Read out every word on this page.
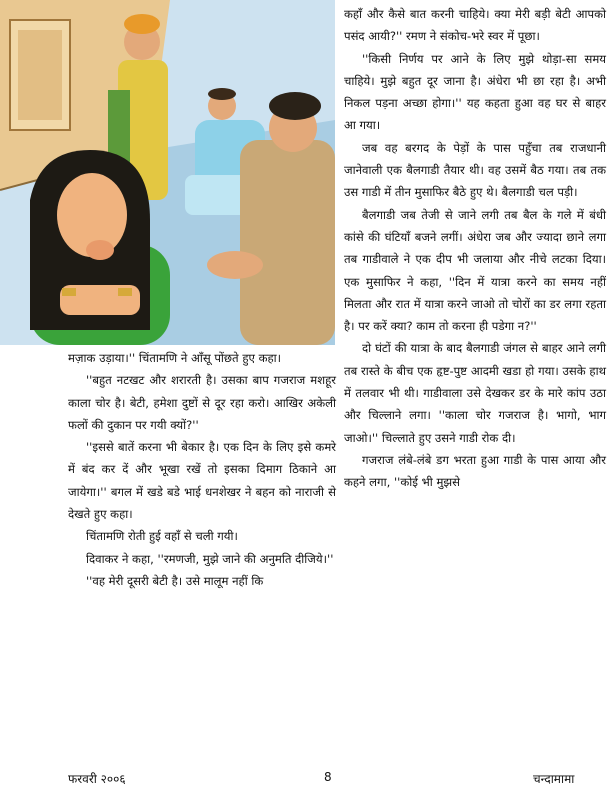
कहाँ और कैसे बात करनी चाहिये। क्या मेरी बड़ी बेटी आपको पसंद आयी?'' रमण ने संकोच-भरे स्वर में पूछा।

''किसी निर्णय पर आने के लिए मुझे थोड़ा-सा समय चाहिये। मुझे बहुत दूर जाना है। अंधेरा भी छा रहा है। अभी निकल पड़ना अच्छा होगा।'' यह कहता हुआ वह घर से बाहर आ गया।

जब वह बरगद के पेड़ों के पास पहुँचा तब राजधानी जानेवाली एक बैलगाडी तैयार थी। वह उसमें बैठ गया। तब तक उस गाडी में तीन मुसाफिर बैठे हुए थे। बैलगाडी चल पड़ी।

बैलगाडी जब तेजी से जाने लगी तब बैल के गले में बंधी कांसे की घंटियाँ बजने लगीं। अंधेरा जब और ज्यादा छाने लगा तब गाडीवाले ने एक दीप भी जलाया और नीचे लटका दिया। एक मुसाफिर ने कहा, ''दिन में यात्रा करने का समय नहीं मिलता और रात में यात्रा करने जाओ तो चोरों का डर लगा रहता है। पर करें क्या? काम तो करना ही पडेगा न?''

दो घंटों की यात्रा के बाद बैलगाडी जंगल से बाहर आने लगी तब रास्ते के बीच एक हृष्ट-पुष्ट आदमी खडा हो गया। उसके हाथ में तलवार भी थी। गाडीवाला उसे देखकर डर के मारे कांप उठा और चिल्लाने लगा। ''काला चोर गजराज है। भागो, भाग जाओ।'' चिल्लाते हुए उसने गाडी रोक दी।

गजराज लंबे-लंबे डग भरता हुआ गाडी के पास आया और कहने लगा, ''कोई भी मुझसे

मज़ाक उड़ाया।'' चिंतामणि ने आँसू पोंछते हुए कहा।

''बहुत नटखट और शरारती है। उसका बाप गजराज मशहूर काला चोर है। बेटी, हमेशा दुष्टों से दूर रहा करो। आखिर अकेली फलों की दुकान पर गयी क्यों?''

''इससे बातें करना भी बेकार है। एक दिन के लिए इसे कमरे में बंद कर दें और भूखा रखें तो इसका दिमाग ठिकाने आ जायेगा।'' बगल में खडे बडे भाई धनशेखर ने बहन को नाराजी से देखते हुए कहा।

चिंतामणि रोती हुई वहाँ से चली गयी।

दिवाकर ने कहा, ''रमणजी, मुझे जाने की अनुमति दीजिये।''

''वह मेरी दूसरी बेटी है। उसे मालूम नहीं कि

फरवरी २००६	8	चन्दामामा
